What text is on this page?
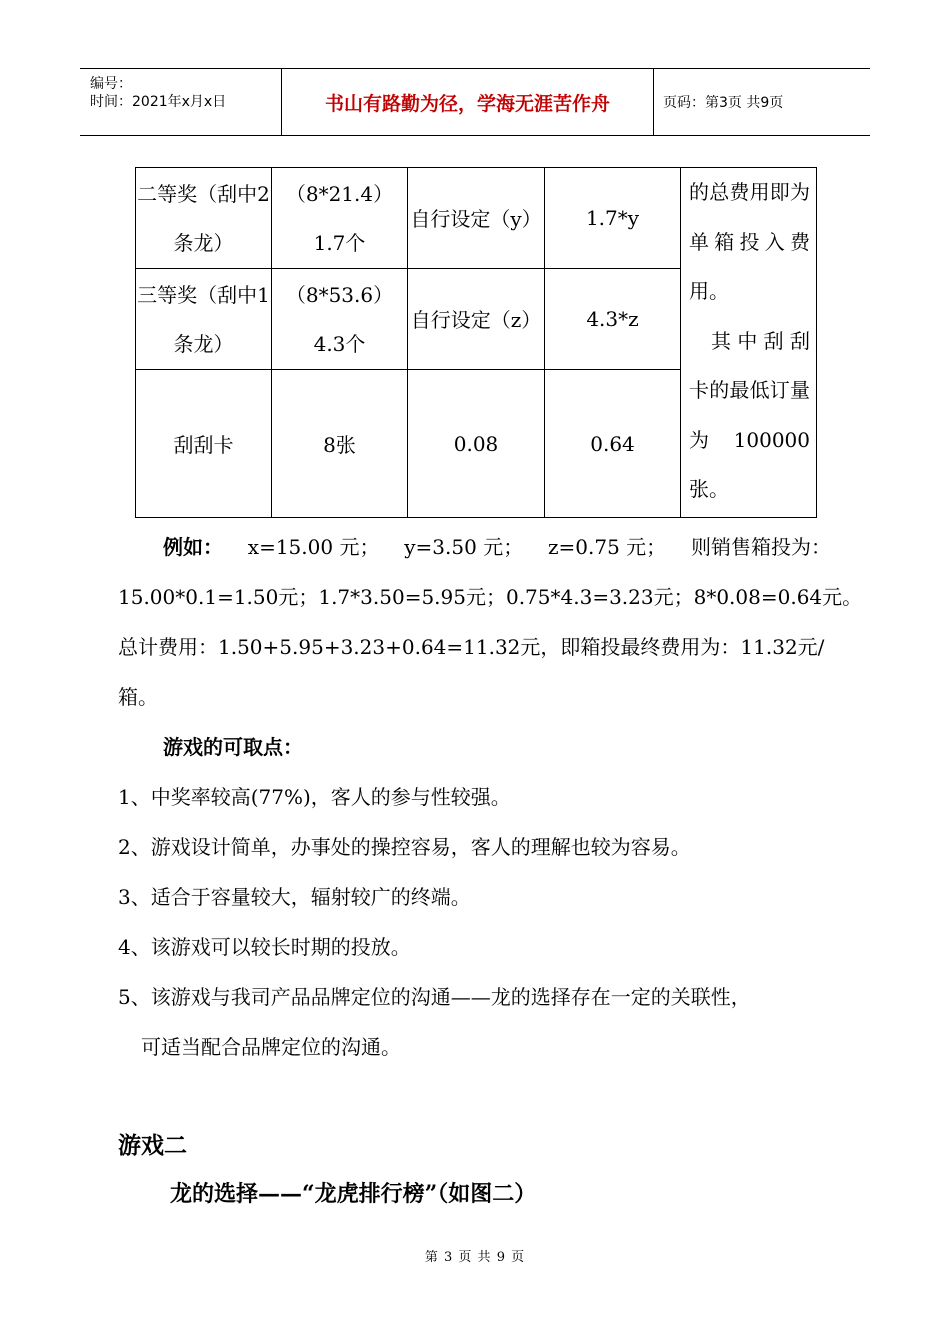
编号：
时间：2021年x月x日	书山有路勤为径，学海无涯苦作舟	页码：第3页 共9页
二等奖（刮中2条龙）	（8*21.4）1.7个	自行设定（y）	1.7*y	的总费用即为单箱投入费用。
其中刮刮卡的最低订量为100000张。

三等奖（刮中1条龙）	（8*53.6）4.3个	自行设定（z）	4.3*z	
刮刮卡	8张	0.08	0.64	
例如： x=15.00 元； y=3.50 元； z=0.75 元； 则销售箱投为：
15.00*0.1=1.50元；1.7*3.50=5.95元；0.75*4.3=3.23元；8*0.08=0.64元。
总计费用：1.50+5.95+3.23+0.64=11.32元，即箱投最终费用为：11.32元/
箱。
游戏的可取点：
1、中奖率较高(77%)，客人的参与性较强。
2、游戏设计简单，办事处的操控容易，客人的理解也较为容易。
3、适合于容量较大，辐射较广的终端。
4、该游戏可以较长时期的投放。
5、该游戏与我司产品品牌定位的沟通——龙的选择存在一定的关联性，
可适当配合品牌定位的沟通。
游戏二
龙的选择——“龙虎排行榜”（如图二）
第 3 页 共 9 页
